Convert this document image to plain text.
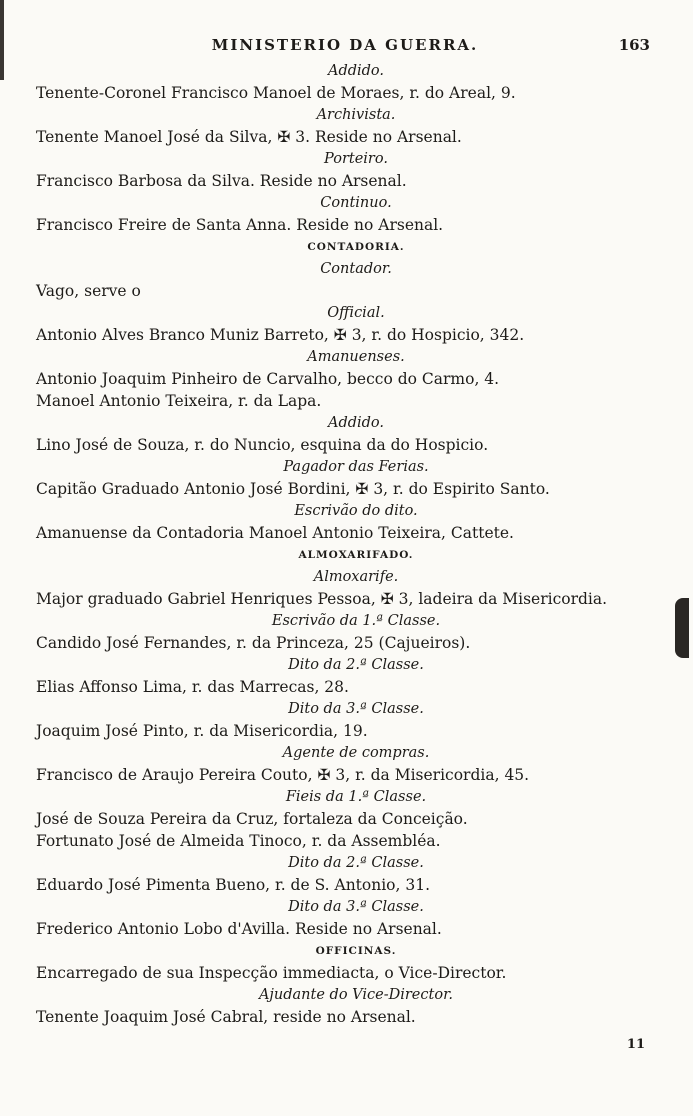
MINISTERIO DA GUERRA.	163
Addido.
Tenente-Coronel Francisco Manoel de Moraes, r. do Areal, 9.
Archivista.
Tenente Manoel José da Silva, ✠ 3. Reside no Arsenal.
Porteiro.
Francisco Barbosa da Silva. Reside no Arsenal.
Continuo.
Francisco Freire de Santa Anna. Reside no Arsenal.
CONTADORIA.
Contador.
Vago, serve o
Official.
Antonio Alves Branco Muniz Barreto, ✠ 3, r. do Hospicio, 342.
Amanuenses.
Antonio Joaquim Pinheiro de Carvalho, becco do Carmo, 4.
Manoel Antonio Teixeira, r. da Lapa.
Addido.
Lino José de Souza, r. do Nuncio, esquina da do Hospicio.
Pagador das Ferias.
Capitão Graduado Antonio José Bordini, ✠ 3, r. do Espirito Santo.
Escrivão do dito.
Amanuense da Contadoria Manoel Antonio Teixeira, Cattete.
ALMOXARIFADO.
Almoxarife.
Major graduado Gabriel Henriques Pessoa, ✠ 3, ladeira da Misericordia.
Escrivão da 1.ª Classe.
Candido José Fernandes, r. da Princeza, 25 (Cajueiros).
Dito da 2.ª Classe.
Elias Affonso Lima, r. das Marrecas, 28.
Dito da 3.ª Classe.
Joaquim José Pinto, r. da Misericordia, 19.
Agente de compras.
Francisco de Araujo Pereira Couto, ✠ 3, r. da Misericordia, 45.
Fieis da 1.ª Classe.
José de Souza Pereira da Cruz, fortaleza da Conceição.
Fortunato José de Almeida Tinoco, r. da Assembléa.
Dito da 2.ª Classe.
Eduardo José Pimenta Bueno, r. de S. Antonio, 31.
Dito da 3.ª Classe.
Frederico Antonio Lobo d'Avilla. Reside no Arsenal.
OFFICINAS.
Encarregado de sua Inspecção immediacta, o Vice-Director.
Ajudante do Vice-Director.
Tenente Joaquim José Cabral, reside no Arsenal.
11
